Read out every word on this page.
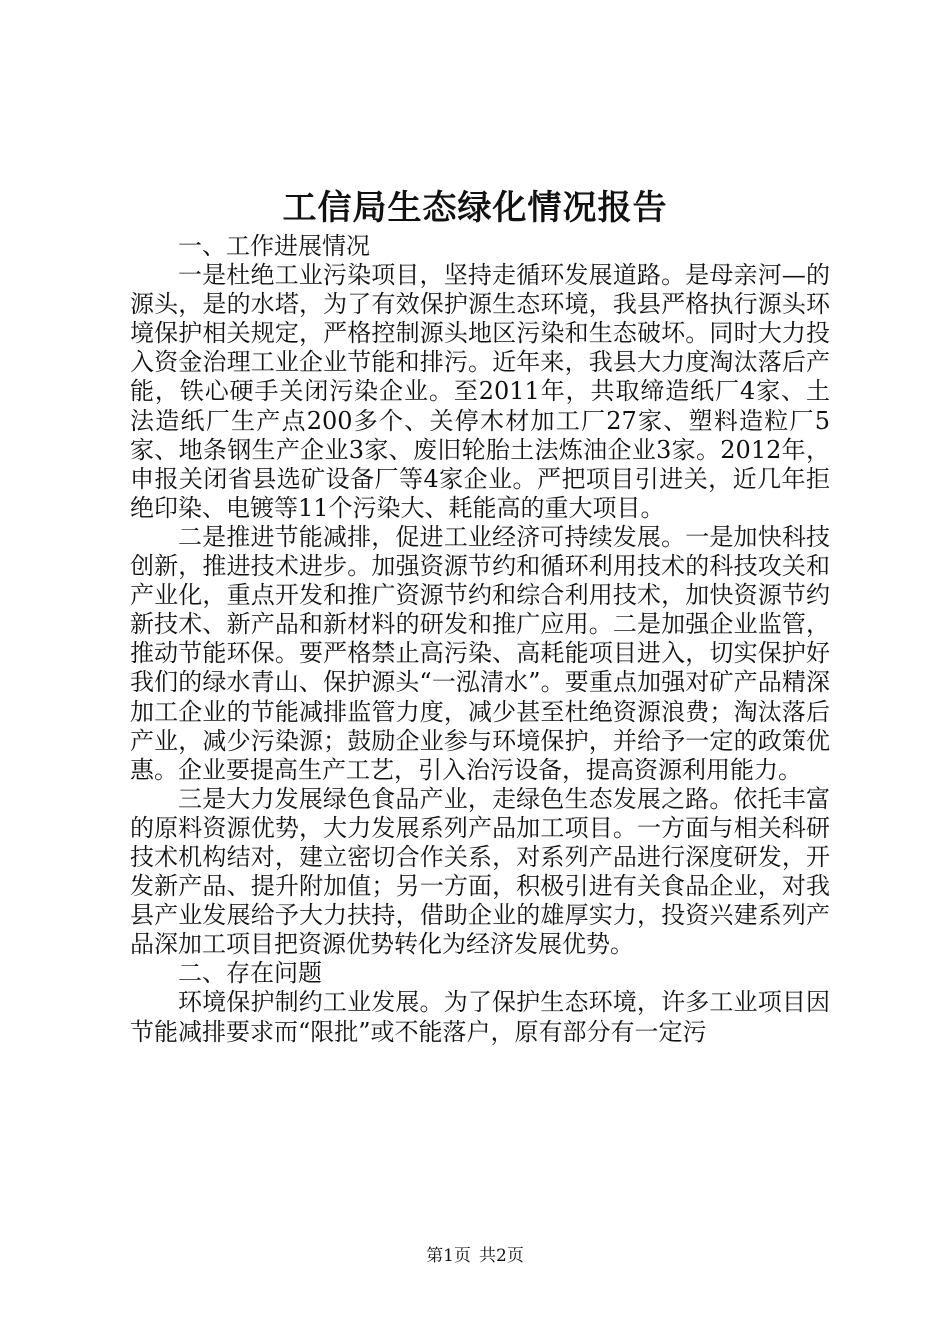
工信局生态绿化情况报告

一、工作进展情况

一是杜绝工业污染项目，坚持走循环发展道路。是母亲河—的源头，是的水塔，为了有效保护源生态环境，我县严格执行源头环境保护相关规定，严格控制源头地区污染和生态破坏。同时大力投入资金治理工业企业节能和排污。近年来，我县大力度淘汰落后产能，铁心硬手关闭污染企业。至2011年，共取缔造纸厂4家、土法造纸厂生产点200多个、关停木材加工厂27家、塑料造粒厂5家、地条钢生产企业3家、废旧轮胎土法炼油企业3家。2012年，申报关闭省县选矿设备厂等4家企业。严把项目引进关，近几年拒绝印染、电镀等11个污染大、耗能高的重大项目。

二是推进节能减排，促进工业经济可持续发展。一是加快科技创新，推进技术进步。加强资源节约和循环利用技术的科技攻关和产业化，重点开发和推广资源节约和综合利用技术，加快资源节约新技术、新产品和新材料的研发和推广应用。二是加强企业监管，推动节能环保。要严格禁止高污染、高耗能项目进入，切实保护好我们的绿水青山、保护源头“一泓清水”。要重点加强对矿产品精深加工企业的节能减排监管力度，减少甚至杜绝资源浪费；淘汰落后产业，减少污染源；鼓励企业参与环境保护，并给予一定的政策优惠。企业要提高生产工艺，引入治污设备，提高资源利用能力。

三是大力发展绿色食品产业，走绿色生态发展之路。依托丰富的原料资源优势，大力发展系列产品加工项目。一方面与相关科研技术机构结对，建立密切合作关系，对系列产品进行深度研发，开发新产品、提升附加值；另一方面，积极引进有关食品企业，对我县产业发展给予大力扶持，借助企业的雄厚实力，投资兴建系列产品深加工项目把资源优势转化为经济发展优势。

二、存在问题

环境保护制约工业发展。为了保护生态环境，许多工业项目因节能减排要求而“限批”或不能落户，原有部分有一定污

第1页 共2页
